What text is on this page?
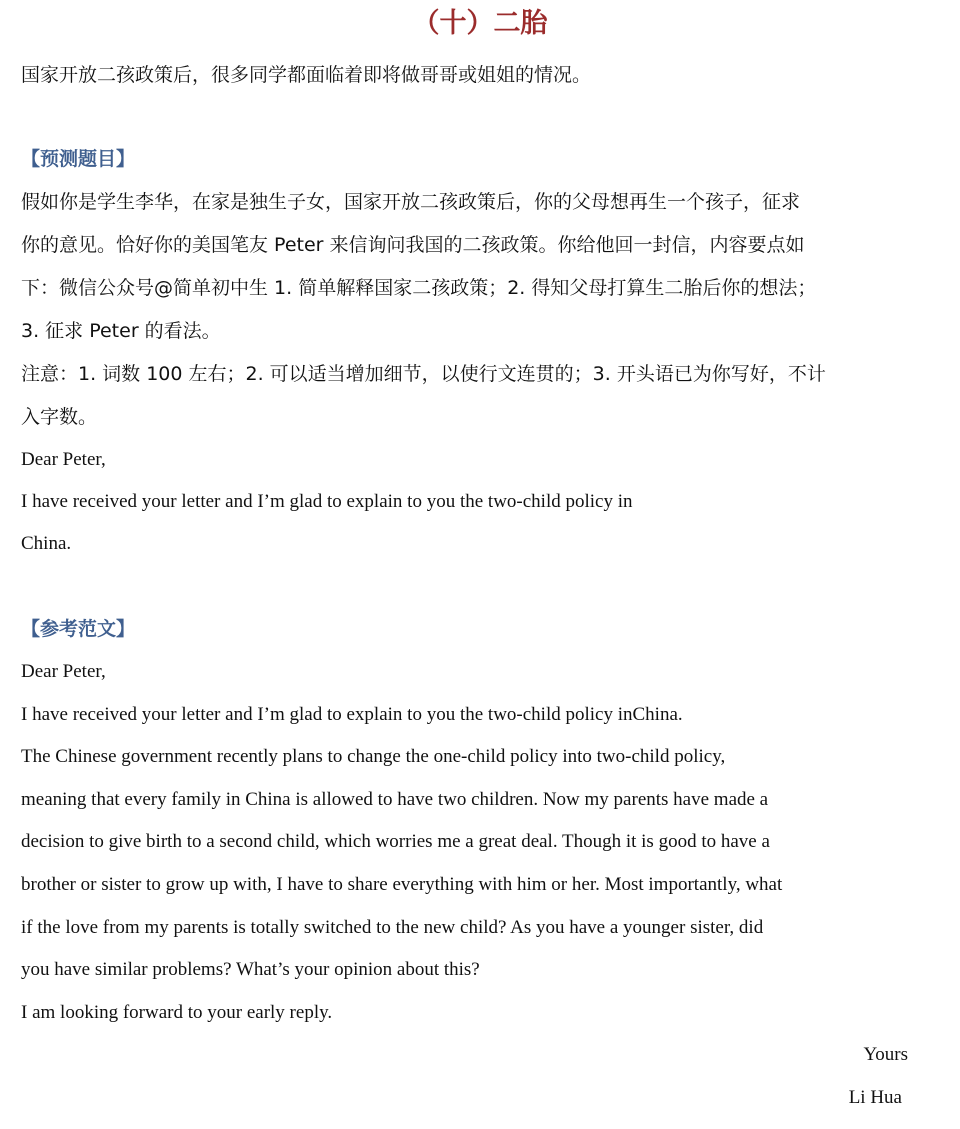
（十）二胎
国家开放二孩政策后，很多同学都面临着即将做哥哥或姐姐的情况。
【预测题目】
假如你是学生李华，在家是独生子女，国家开放二孩政策后，你的父母想再生一个孩子，征求
你的意见。恰好你的美国笔友 Peter 来信询问我国的二孩政策。你给他回一封信，内容要点如
下：微信公众号@简单初中生 1. 简单解释国家二孩政策；2. 得知父母打算生二胎后你的想法；
3. 征求 Peter 的看法。
注意：1. 词数 100 左右；2. 可以适当增加细节，以使行文连贯的；3. 开头语已为你写好，不计
入字数。
Dear Peter,
I have received your letter and I’m glad to explain to you the two-child policy in
China.
【参考范文】
Dear Peter,
I have received your letter and I’m glad to explain to you the two-child policy inChina.
The Chinese government recently plans to change the one-child policy into two-child policy,
meaning that every family in China is allowed to have two children. Now my parents have made a
decision to give birth to a second child, which worries me a great deal. Though it is good to have a
brother or sister to grow up with, I have to share everything with him or her. Most importantly, what
if the love from my parents is totally switched to the new child? As you have a younger sister, did
you have similar problems? What’s your opinion about this?
I am looking forward to your early reply.
Yours
Li Hua
